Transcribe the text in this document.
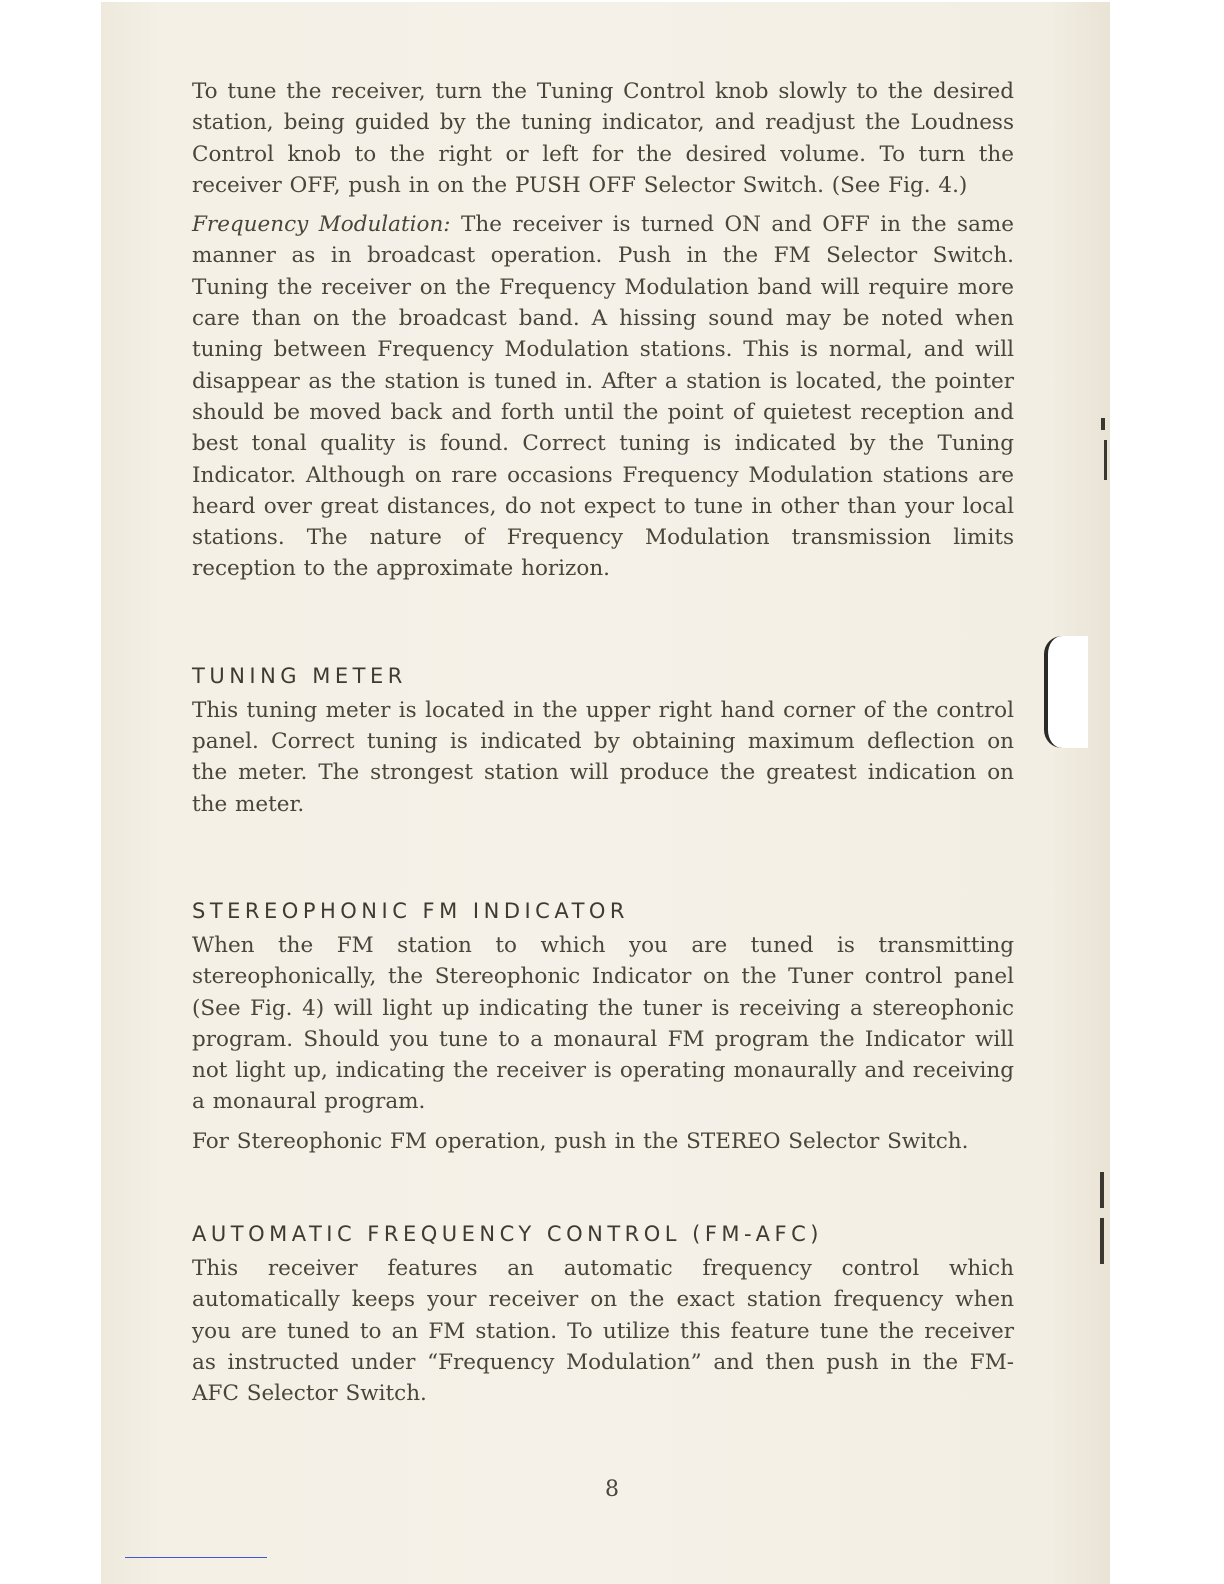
To tune the receiver, turn the Tuning Control knob slowly to the desired station, being guided by the tuning indicator, and readjust the Loudness Control knob to the right or left for the desired volume. To turn the receiver OFF, push in on the PUSH OFF Selector Switch. (See Fig. 4.)

Frequency Modulation: The receiver is turned ON and OFF in the same manner as in broadcast operation. Push in the FM Selector Switch. Tuning the receiver on the Frequency Modulation band will require more care than on the broadcast band. A hissing sound may be noted when tuning between Frequency Modulation stations. This is normal, and will disappear as the station is tuned in. After a station is located, the pointer should be moved back and forth until the point of quietest reception and best tonal quality is found. Correct tuning is indicated by the Tuning Indicator. Although on rare occasions Frequency Modulation stations are heard over great distances, do not expect to tune in other than your local stations. The nature of Frequency Modulation transmission limits reception to the approximate horizon.

TUNING METER

This tuning meter is located in the upper right hand corner of the control panel. Correct tuning is indicated by obtaining maximum deflection on the meter. The strongest station will produce the greatest indication on the meter.

STEREOPHONIC FM INDICATOR

When the FM station to which you are tuned is transmitting stereophonically, the Stereophonic Indicator on the Tuner control panel (See Fig. 4) will light up indicating the tuner is receiving a stereophonic program. Should you tune to a monaural FM program the Indicator will not light up, indicating the receiver is operating monaurally and receiving a monaural program.

For Stereophonic FM operation, push in the STEREO Selector Switch.

AUTOMATIC FREQUENCY CONTROL (FM-AFC)

This receiver features an automatic frequency control which automatically keeps your receiver on the exact station frequency when you are tuned to an FM station. To utilize this feature tune the receiver as instructed under “Frequency Modulation” and then push in the FM-AFC Selector Switch.

8
